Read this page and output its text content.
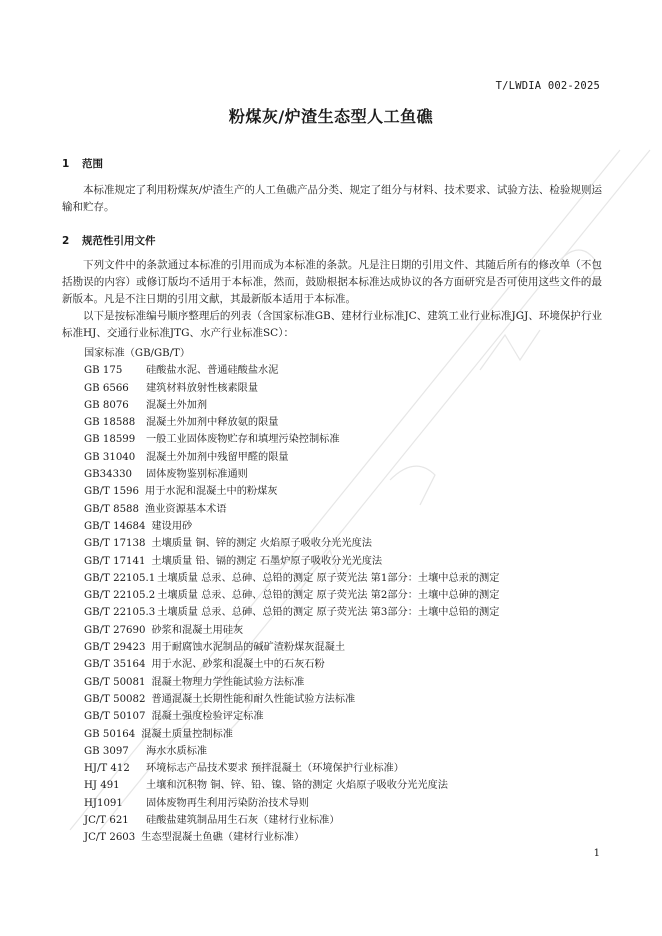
T/LWDIA 002-2025
粉煤灰/炉渣生态型人工鱼礁
1 范围
本标准规定了利用粉煤灰/炉渣生产的人工鱼礁产品分类、规定了组分与材料、技术要求、试验方法、检验规则运输和贮存。
2 规范性引用文件
下列文件中的条款通过本标准的引用而成为本标准的条款。凡是注日期的引用文件、其随后所有的修改单（不包括勘误的内容）或修订版均不适用于本标准，然而，鼓励根据本标准达成协议的各方面研究是否可使用这些文件的最新版本。凡是不注日期的引用文献，其最新版本适用于本标准。
以下是按标准编号顺序整理后的列表（含国家标准GB、建材行业标准JC、建筑工业行业标准JGJ、环境保护行业标准HJ、交通行业标准JTG、水产行业标准SC）：
国家标准（GB/GB/T）
GB 175 硅酸盐水泥、普通硅酸盐水泥
GB 6566 建筑材料放射性核素限量
GB 8076 混凝土外加剂
GB 18588 混凝土外加剂中释放氨的限量
GB 18599 一般工业固体废物贮存和填埋污染控制标准
GB 31040 混凝土外加剂中残留甲醛的限量
GB34330 固体废物鉴别标准通则
GB/T 1596 用于水泥和混凝土中的粉煤灰
GB/T 8588 渔业资源基本术语
GB/T 14684 建设用砂
GB/T 17138 土壤质量 铜、锌的测定 火焰原子吸收分光光度法
GB/T 17141 土壤质量 铅、镉的测定 石墨炉原子吸收分光光度法
GB/T 22105.1 土壤质量 总汞、总砷、总铅的测定 原子荧光法 第1部分：土壤中总汞的测定
GB/T 22105.2 土壤质量 总汞、总砷、总铅的测定 原子荧光法 第2部分：土壤中总砷的测定
GB/T 22105.3 土壤质量 总汞、总砷、总铅的测定 原子荧光法 第3部分：土壤中总铅的测定
GB/T 27690 砂浆和混凝土用硅灰
GB/T 29423 用于耐腐蚀水泥制品的碱矿渣粉煤灰混凝土
GB/T 35164 用于水泥、砂浆和混凝土中的石灰石粉
GB/T 50081 混凝土物理力学性能试验方法标准
GB/T 50082 普通混凝土长期性能和耐久性能试验方法标准
GB/T 50107 混凝土强度检验评定标准
GB 50164 混凝土质量控制标准
GB 3097 海水水质标准
HJ/T 412 环境标志产品技术要求 预拌混凝土（环境保护行业标准）
HJ 491	土壤和沉积物 铜、锌、铅、镍、铬的测定 火焰原子吸收分光光度法
HJ1091 固体废物再生利用污染防治技术导则
JC/T 621 硅酸盐建筑制品用生石灰（建材行业标准）
JC/T 2603 生态型混凝土鱼礁（建材行业标准）
1
